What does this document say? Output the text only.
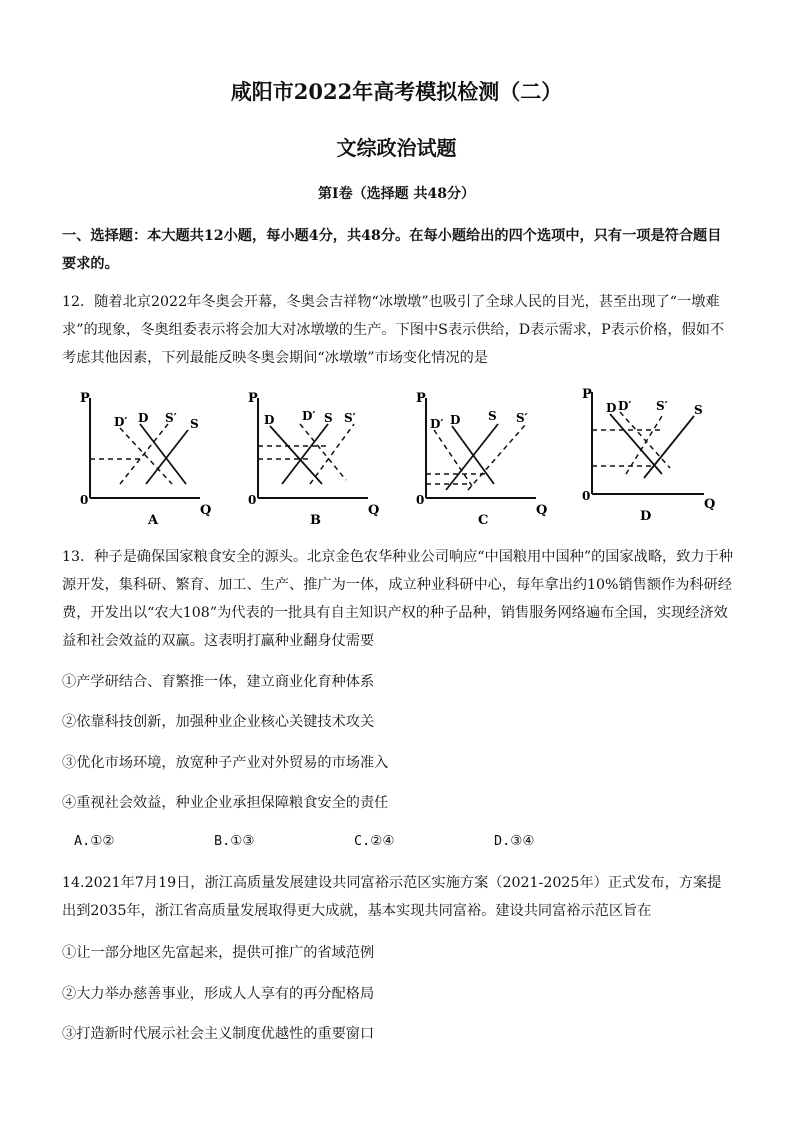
咸阳市2022年高考模拟检测（二）
文综政治试题
第Ⅰ卷（选择题 共48分）
一、选择题：本大题共12小题，每小题4分，共48分。在每小题给出的四个选项中，只有一项是符合题目要求的。
12．随着北京2022年冬奥会开幕，冬奥会吉祥物“冰墩墩”也吸引了全球人民的目光，甚至出现了“一墩难求”的现象，冬奥组委表示将会加大对冰墩墩的生产。下图中S表示供给，D表示需求，P表示价格，假如不考虑其他因素，下列最能反映冬奥会期间“冰墩墩”市场变化情况的是
P
Q
0
D′ D S′ S
A
P
Q
0
D D′ S S′
B
P
Q
0
D′ D S S′
C
P
Q
0
D D′ S′ S
D
13．种子是确保国家粮食安全的源头。北京金色农华种业公司响应“中国粮用中国种”的国家战略，致力于种源开发，集科研、繁育、加工、生产、推广为一体，成立种业科研中心，每年拿出约10%销售额作为科研经费，开发出以“农大108”为代表的一批具有自主知识产权的种子品种，销售服务网络遍布全国，实现经济效益和社会效益的双赢。这表明打赢种业翻身仗需要
①产学研结合、育繁推一体，建立商业化育种体系
②依靠科技创新，加强种业企业核心关键技术攻关
③优化市场环境，放宽种子产业对外贸易的市场准入
④重视社会效益，种业企业承担保障粮食安全的责任
A.①②	B.①③	C.②④	D.③④
14.2021年7月19日，浙江高质量发展建设共同富裕示范区实施方案（2021-2025年）正式发布，方案提出到2035年，浙江省高质量发展取得更大成就，基本实现共同富裕。建设共同富裕示范区旨在
①让一部分地区先富起来，提供可推广的省域范例
②大力举办慈善事业，形成人人享有的再分配格局
③打造新时代展示社会主义制度优越性的重要窗口
